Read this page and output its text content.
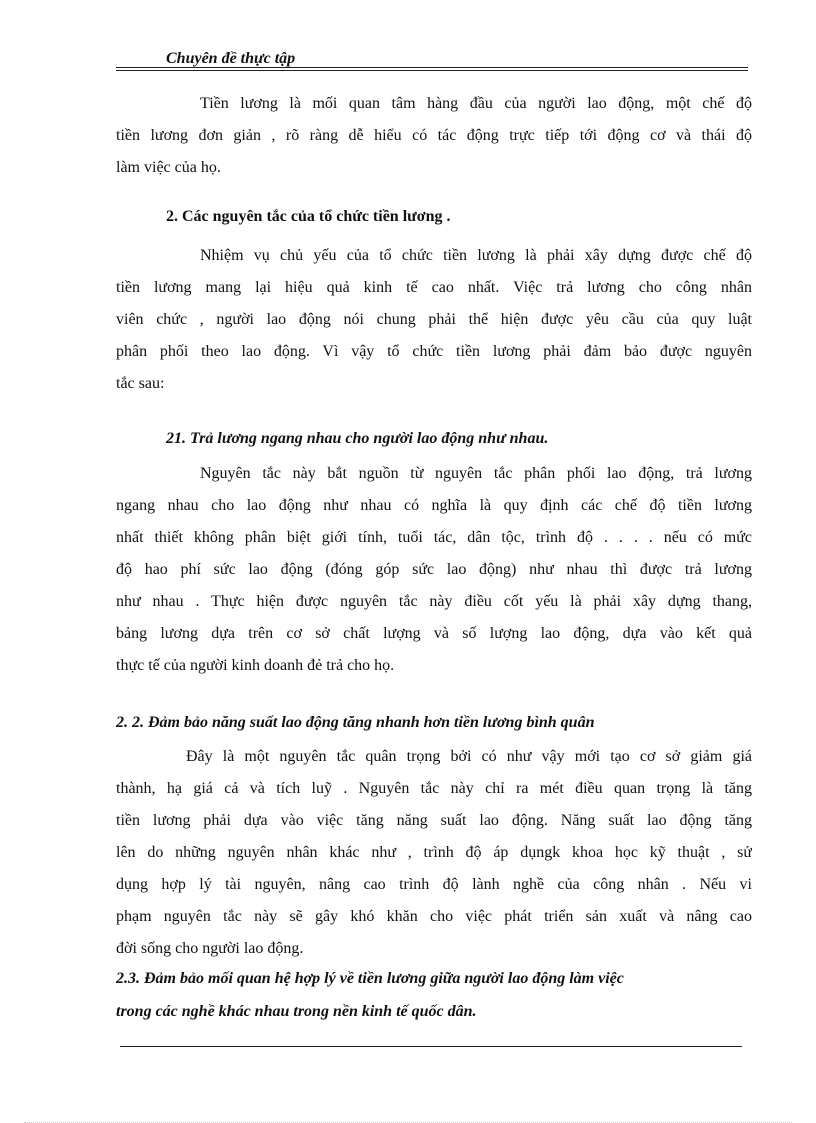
Chuyên đề thực tập
Tiền lương là mối quan tâm hàng đầu của người lao động, một chế độ
tiền lương đơn giản , rõ ràng dễ hiểu có tác động trực tiếp tới động cơ và thái độ
làm việc của họ.
2. Các nguyên tắc của tổ chức tiền lương .
Nhiệm vụ chủ yếu của tổ chức tiền lương là phải xây dựng được chế độ
tiền lương mang lại hiệu quả kinh tế cao nhất. Việc trả lương cho công nhân
viên chức , người lao động nói chung phải thể hiện được yêu cầu của quy luật
phân phối theo lao động. Vì vậy tổ chức tiền lương phải đảm bảo được nguyên
tắc sau:
21. Trả lương ngang nhau cho người lao động như nhau.
Nguyên tắc này bắt nguồn từ nguyên tắc phân phối lao động, trả lương
ngang nhau cho lao động như nhau có nghĩa là quy định các chế độ tiền lương
nhất thiết không phân biệt giới tính, tuổi tác, dân tộc, trình độ . . . . nếu có mức
độ hao phí sức lao động (đóng góp sức lao động) như nhau thì được trả lương
như nhau . Thực hiện được nguyên tắc này điều cốt yếu là phải xây dựng thang,
bảng lương dựa trên cơ sở chất lượng và số lượng lao động, dựa vào kết quả
thực tế của người kinh doanh đẻ trả cho họ.
2. 2. Đảm bảo năng suất lao động tăng nhanh hơn tiền lương bình quân
Đây là một nguyên tắc quân trọng bởi có như vậy mới tạo cơ sở giảm giá
thành, hạ giá cả và tích luỹ . Nguyên tắc này chỉ ra mét điều quan trọng là tăng
tiền lương phải dựa vào việc tăng năng suất lao động. Năng suất lao động tăng
lên do những nguyên nhân khác như , trình độ áp dụngk khoa học kỹ thuật , sử
dụng hợp lý tài nguyên, nâng cao trình độ lành nghề của công nhân . Nếu vi
phạm nguyên tắc này sẽ gây khó khăn cho việc phát triển sản xuất và nâng cao
đời sống cho người lao động.
2.3. Đảm bảo mối quan hệ hợp lý về tiền lương giữa người lao động làm việc
trong các nghề khác nhau trong nền kinh tế quốc dân.
